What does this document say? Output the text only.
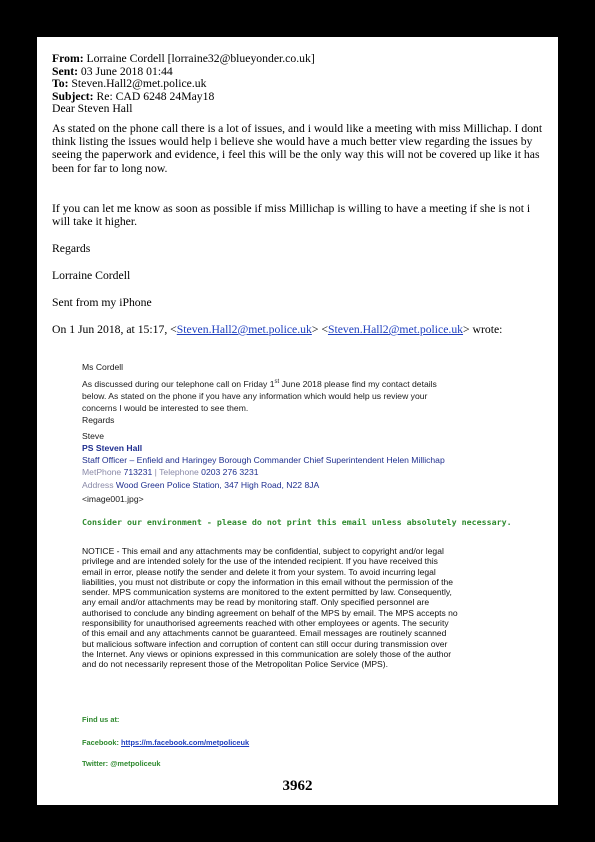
From: Lorraine Cordell [lorraine32@blueyonder.co.uk]
Sent: 03 June 2018 01:44
To: Steven.Hall2@met.police.uk
Subject: Re: CAD 6248 24May18
Dear Steven Hall
As stated on the phone call there is a lot of issues, and i would like a meeting with miss Millichap. I dont think listing the issues would help i believe she would have a much better view regarding the issues by seeing the paperwork and evidence, i feel this will be the only way this will not be covered up like it has been for far to long now.
If you can let me know as soon as possible if miss Millichap is willing to have a meeting if she is not i will take it higher.
Regards
Lorraine Cordell
Sent from my iPhone
On 1 Jun 2018, at 15:17, <Steven.Hall2@met.police.uk> <Steven.Hall2@met.police.uk> wrote:
Ms Cordell
As discussed during our telephone call on Friday 1st June 2018 please find my contact details
below. As stated on the phone if you have any information which would help us review your
concerns I would be interested to see them.
Regards
Steve
PS Steven Hall
Staff Officer – Enfield and Haringey Borough Commander Chief Superintendent Helen Millichap
MetPhone 713231 | Telephone 0203 276 3231
Address Wood Green Police Station, 347 High Road, N22 8JA
<image001.jpg>
Consider our environment - please do not print this email unless absolutely necessary.
NOTICE - This email and any attachments may be confidential, subject to copyright and/or legal
privilege and are intended solely for the use of the intended recipient. If you have received this
email in error, please notify the sender and delete it from your system. To avoid incurring legal
liabilities, you must not distribute or copy the information in this email without the permission of the
sender. MPS communication systems are monitored to the extent permitted by law. Consequently,
any email and/or attachments may be read by monitoring staff. Only specified personnel are
authorised to conclude any binding agreement on behalf of the MPS by email. The MPS accepts no
responsibility for unauthorised agreements reached with other employees or agents. The security
of this email and any attachments cannot be guaranteed. Email messages are routinely scanned
but malicious software infection and corruption of content can still occur during transmission over
the Internet. Any views or opinions expressed in this communication are solely those of the author
and do not necessarily represent those of the Metropolitan Police Service (MPS).
Find us at:
Facebook: https://m.facebook.com/metpoliceuk
Twitter: @metpoliceuk
3962
